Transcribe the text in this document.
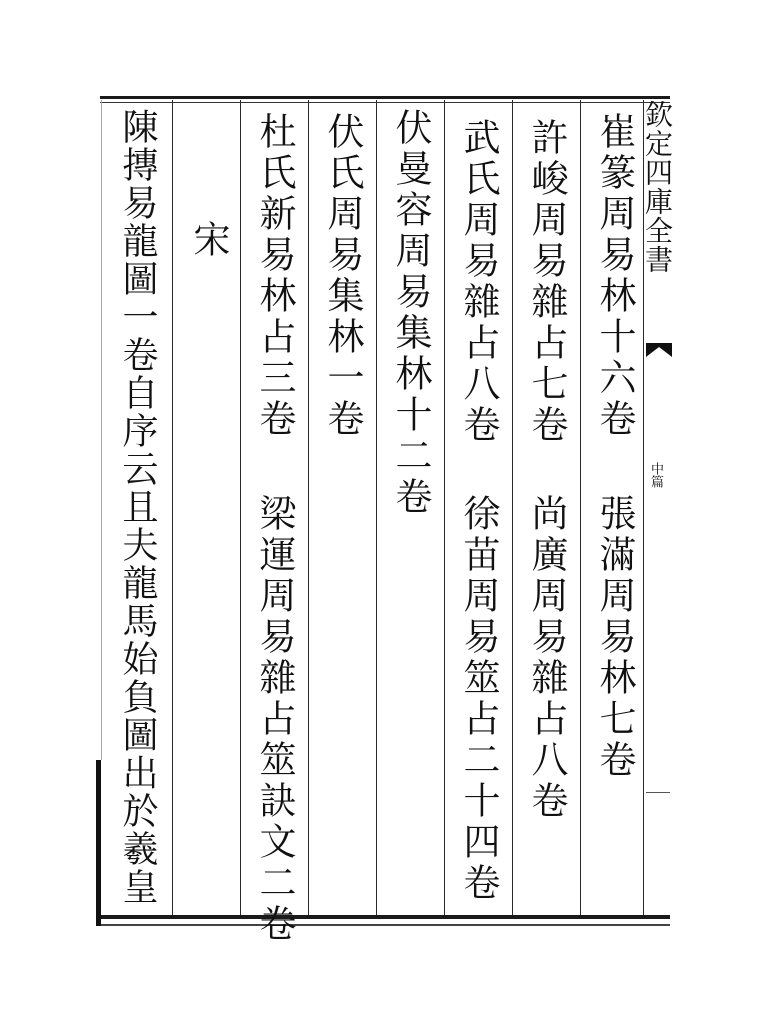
欽定四庫全書
中篇
崔篆周易林十六卷
張滿周易林七卷
許峻周易雜占七卷
尚廣周易雜占八卷
武氏周易雜占八卷
徐苗周易筮占二十四卷
伏曼容周易集林十二卷
伏氏周易集林一卷
杜氏新易林占三卷
梁運周易雜占筮訣文二卷
宋
陳摶易龍圖一卷自序云且夫龍馬始負圖出於羲皇
